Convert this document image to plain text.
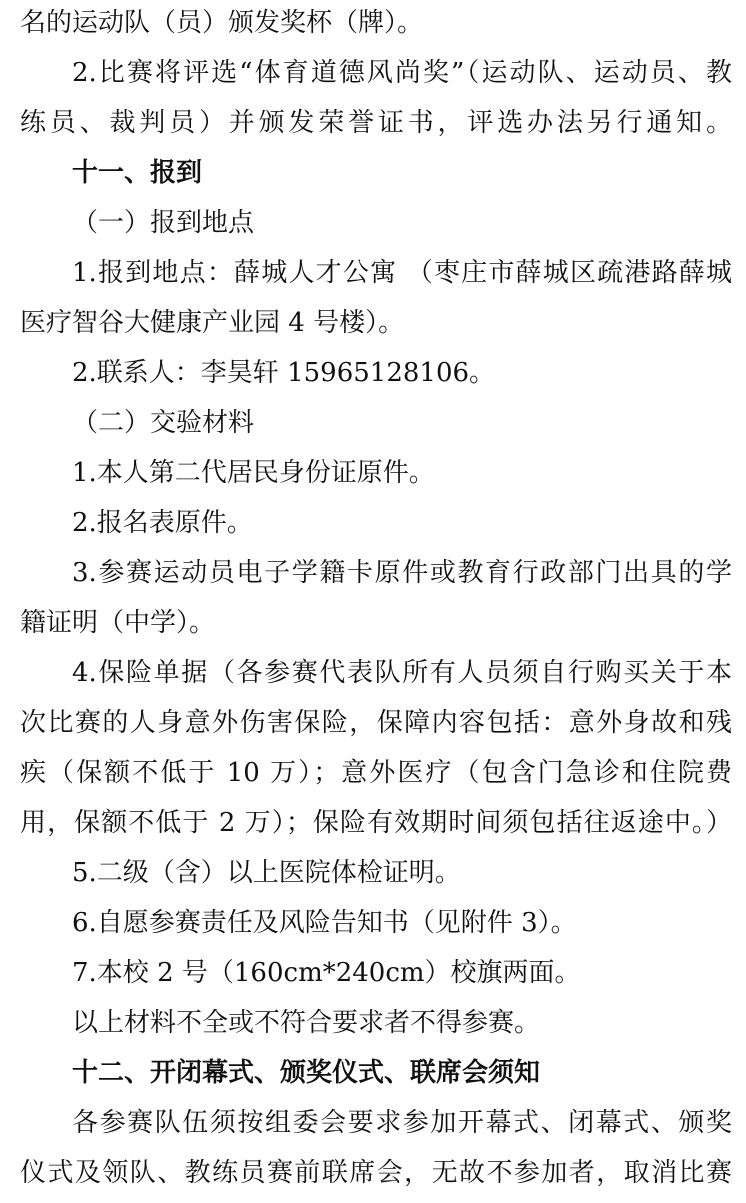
名的运动队（员）颁发奖杯（牌）。
2.比赛将评选“体育道德风尚奖”（运动队、运动员、教
练员、裁判员）并颁发荣誉证书，评选办法另行通知。
十一、报到
（一）报到地点
1.报到地点：薛城人才公寓 （枣庄市薛城区疏港路薛城
医疗智谷大健康产业园 4 号楼）。
2.联系人：李昊轩 15965128106。
（二）交验材料
1.本人第二代居民身份证原件。
2.报名表原件。
3.参赛运动员电子学籍卡原件或教育行政部门出具的学
籍证明（中学）。
4.保险单据（各参赛代表队所有人员须自行购买关于本
次比赛的人身意外伤害保险，保障内容包括：意外身故和残
疾（保额不低于 10 万）；意外医疗（包含门急诊和住院费
用，保额不低于 2 万）；保险有效期时间须包括往返途中。）
5.二级（含）以上医院体检证明。
6.自愿参赛责任及风险告知书（见附件 3）。
7.本校 2 号（160cm*240cm）校旗两面。
以上材料不全或不符合要求者不得参赛。
十二、开闭幕式、颁奖仪式、联席会须知
各参赛队伍须按组委会要求参加开幕式、闭幕式、颁奖
仪式及领队、教练员赛前联席会，无故不参加者，取消比赛
